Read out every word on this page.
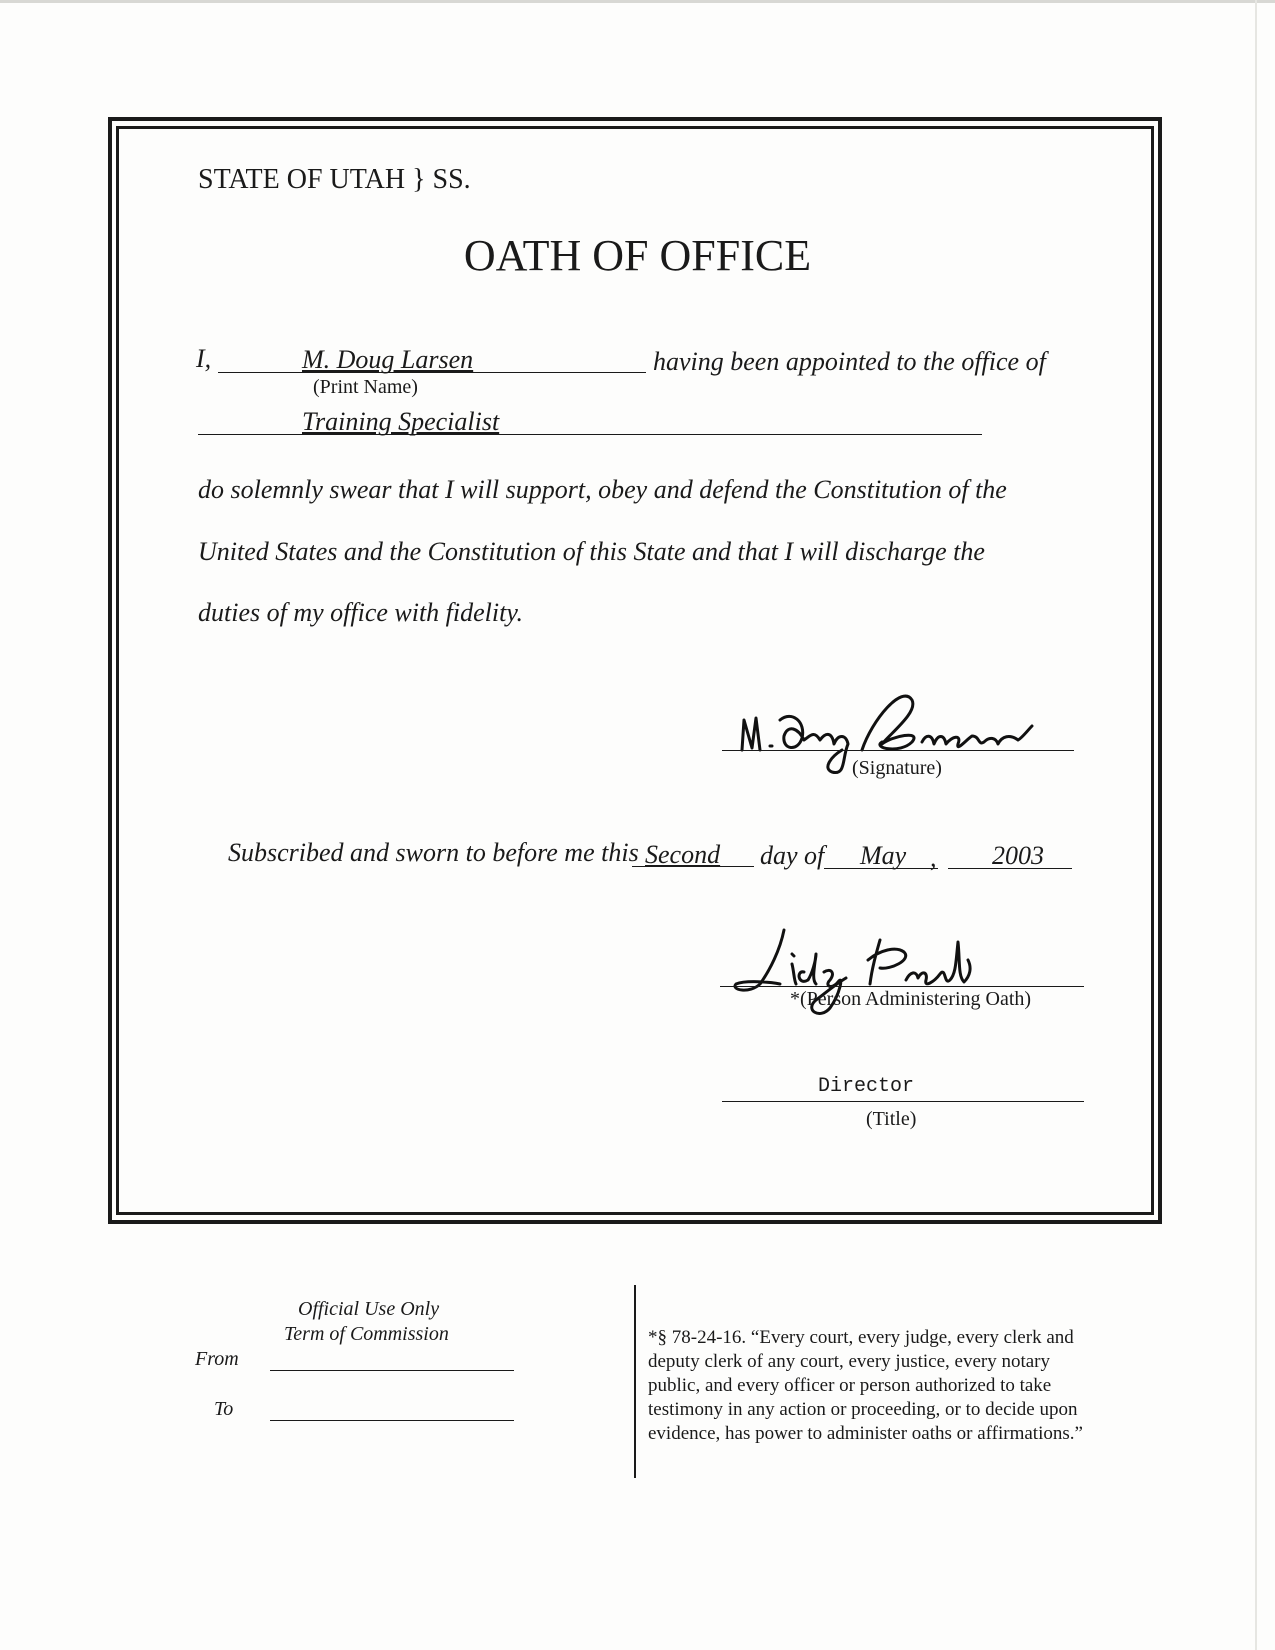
STATE OF UTAH } SS.
OATH OF OFFICE
I,	M. Doug Larsen
(Print Name)
having been appointed to the office of
Training Specialist
do solemnly swear that I will support, obey and defend the Constitution of the
United States and the Constitution of this State and that I will discharge the
duties of my office with fidelity.
(Signature)
Subscribed and sworn to before me this Second day of May , 2003
*(Person Administering Oath)
Director
(Title)
Official Use Only
Term of Commission
From
To
*§ 78-24-16. “Every court, every judge, every clerk and
deputy clerk of any court, every justice, every notary
public, and every officer or person authorized to take
testimony in any action or proceeding, or to decide upon
evidence, has power to administer oaths or affirmations.”
